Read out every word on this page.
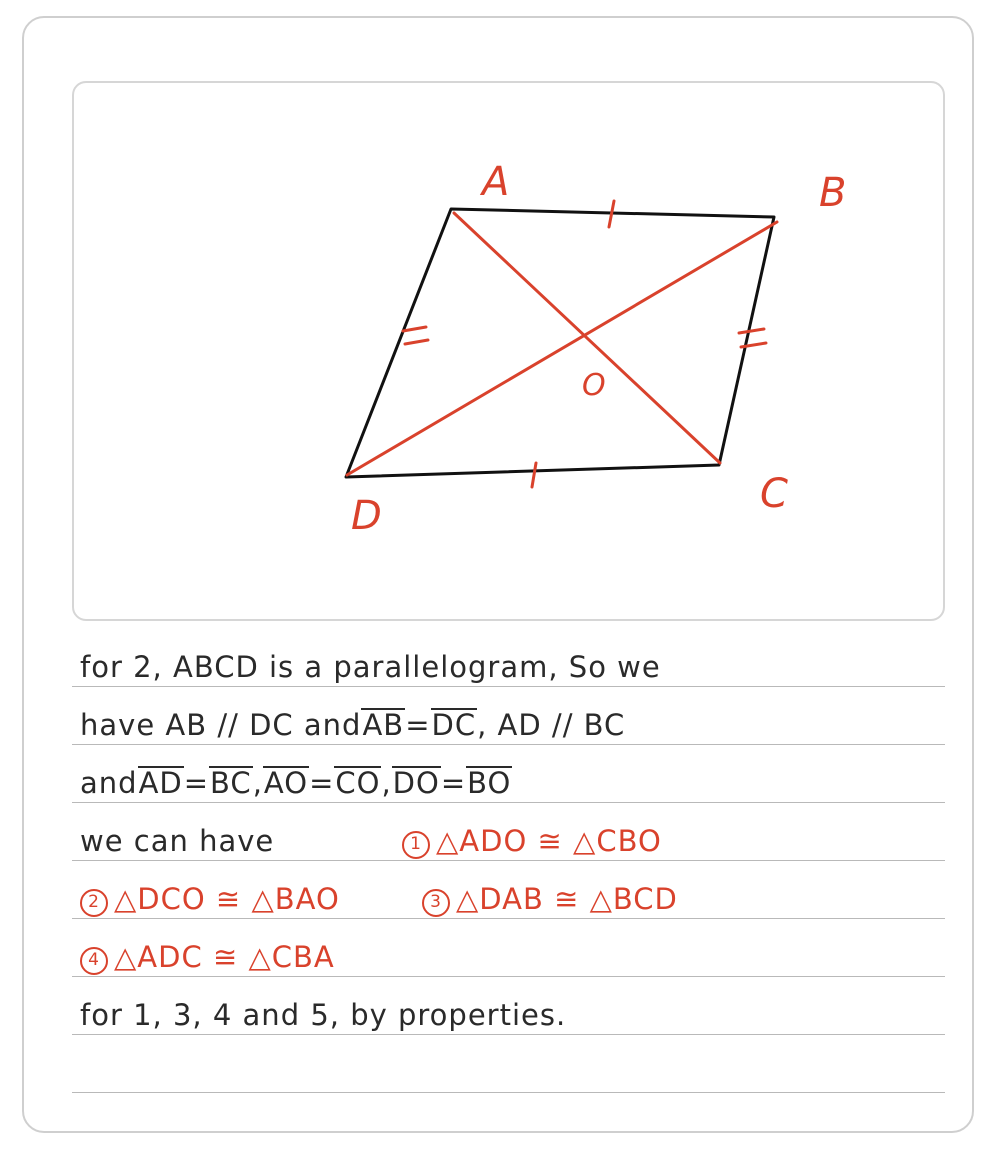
A	B
C
D
O
for 2, ABCD is a parallelogram, So we
have AB // DC andAB=DC, AD // BC
andAD=BC,AO=CO,DO=BO
we can have	1 △ADO ≅ △CBO
2 △DCO ≅ △BAO	3 △DAB ≅ △BCD
4 △ADC ≅ △CBA
for 1, 3, 4 and 5, by properties.
